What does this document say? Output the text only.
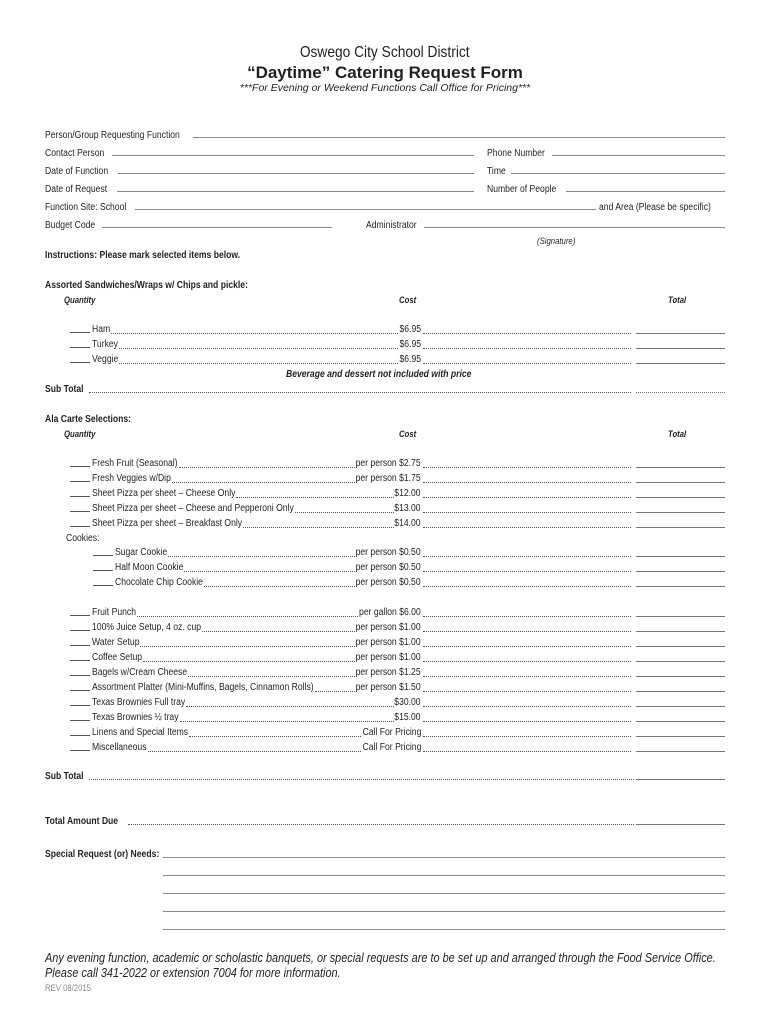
Oswego City School District
“Daytime” Catering Request Form
***For Evening or Weekend Functions Call Office for Pricing***
Person/Group Requesting Function
Contact Person	Phone Number
Date of Function	Time
Date of Request	Number of People
Function Site: School	and Area (Please be specific)
Budget Code	Administrator
(Signature)
Instructions: Please mark selected items below.
Assorted Sandwiches/Wraps w/ Chips and pickle:
Quantity	Cost	Total
Ham	$6.95
Turkey	$6.95
Veggie	$6.95
Beverage and dessert not included with price
Sub Total
Ala Carte Selections:
Quantity	Cost	Total
Fresh Fruit (Seasonal)	per person $2.75
Fresh Veggies w/Dip	per person $1.75
Sheet Pizza per sheet – Cheese Only	$12.00
Sheet Pizza per sheet – Cheese and Pepperoni Only	$13.00
Sheet Pizza per sheet – Breakfast Only	$14.00
Sugar Cookie	per person $0.50
Half Moon Cookie	per person $0.50
Chocolate Chip Cookie	per person $0.50
Fruit Punch	per gallon $6.00
100% Juice Setup, 4 oz. cup	per person $1.00
Water Setup	per person $1.00
Coffee Setup	per person $1.00
Bagels w/Cream Cheese	per person $1.25
Assortment Platter (Mini-Muffins, Bagels, Cinnamon Rolls)	per person $1.50
Texas Brownies Full tray	$30.00
Texas Brownies ½ tray	$15.00
Linens and Special Items	Call For Pricing
Miscellaneous	Call For Pricing
Cookies:
Sub Total
Total Amount Due
Special Request (or) Needs:
Any evening function, academic or scholastic banquets, or special requests are to be set up and arranged through the Food Service Office.
Please call 341-2022 or extension 7004 for more information.
REV 08/2015
